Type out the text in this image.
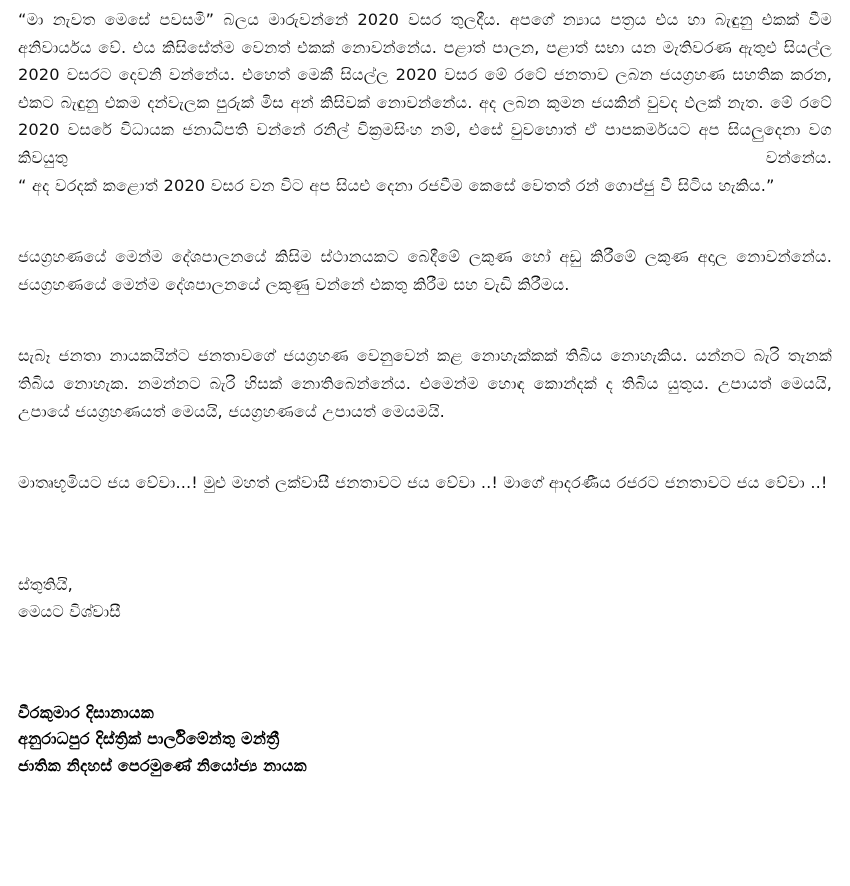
“මා නැවත මෙසේ පවසමි” බලය මාරුවන්නේ 2020 වසර තුලදීය. අපගේ න්‍යාය පත්‍රය එය හා බැඳුනු එකක් වීම අනිවාර්යය වේ. එය කිසිසේත්ම වෙනත් එකක් නොවන්නේය. පළාත් පාලන, පළාත් සභා යන මැතිවරණ ඇතුළු සියල්ල 2020 වසරට දෙවනි වන්නේය. එහෙත් මෙකී සියල්ල 2020 වසර මේ රටේ ජනතාව ලබන ජයග්‍රහණ සහතික කරන, එකට බැඳුනු එකම දන්වැලක පුරුක් මිස අන් කිසිවක් නොවන්නේය. අද ලබන කුමන ජයකින් වුවද ඵලක් නැත. මේ රටේ 2020 වසරේ විධායක ජනාධිපති වන්නේ රනිල් වික්‍රමසිංහ නම්, එසේ වුවහොත් ඒ පාපකර්මයට අප සියලුදෙනා වග කිවයුතු වන්නේය.

“ අද වරදක් කළොත් 2020 වසර වන විට අප සියළු දෙනා රජවීම කෙසේ වෙතත් රන් ගොප්ජු වී සිටිය හැකිය.”

ජයග්‍රහණයේ මෙන්ම දේශපාලනයේ කිසිම ස්ථානයකට බෙදීමේ ලකුණ හෝ අඩු කිරීමේ ලකුණ අදාල නොවන්නේය. ජයග්‍රහණයේ මෙන්ම දේශපාලනයේ ලකුණු වන්නේ එකතු කිරීම සහ වැඩි කිරීමය.

සැබෑ ජනතා නායකයින්ට ජනතාවගේ ජයග්‍රහණ වෙනුවෙන් කළ නොහැක්කක් තිබිය නොහැකිය. යන්නට බැරි තැනක් තිබිය නොහැක. නමන්නට බැරි හිසක් නොතිබෙන්නේය. එමෙන්ම හොඳ කොන්දක් ද තිබිය යුතුය. උපායත් මෙයයි, උපායේ ජයග්‍රහණයත් මෙයයි, ජයග්‍රහණයේ උපායත් මෙයමයි.

මාතෘභූමියට ජය වේවා...! මුළු මහත් ලක්වාසී ජනතාවට ජය වේවා ..! මාගේ ආදරණීය රජරට ජනතාවට ජය වේවා ..!

ස්තුතියි,

මෙයට විශ්වාසී

වීරකුමාර දිසානායක

අනුරාධපුර දිස්ත්‍රික් පාර්ලිමේන්තු මන්ත්‍රී

ජාතික නිදහස් පෙරමුණේ නියෝජ්‍ය නායක
